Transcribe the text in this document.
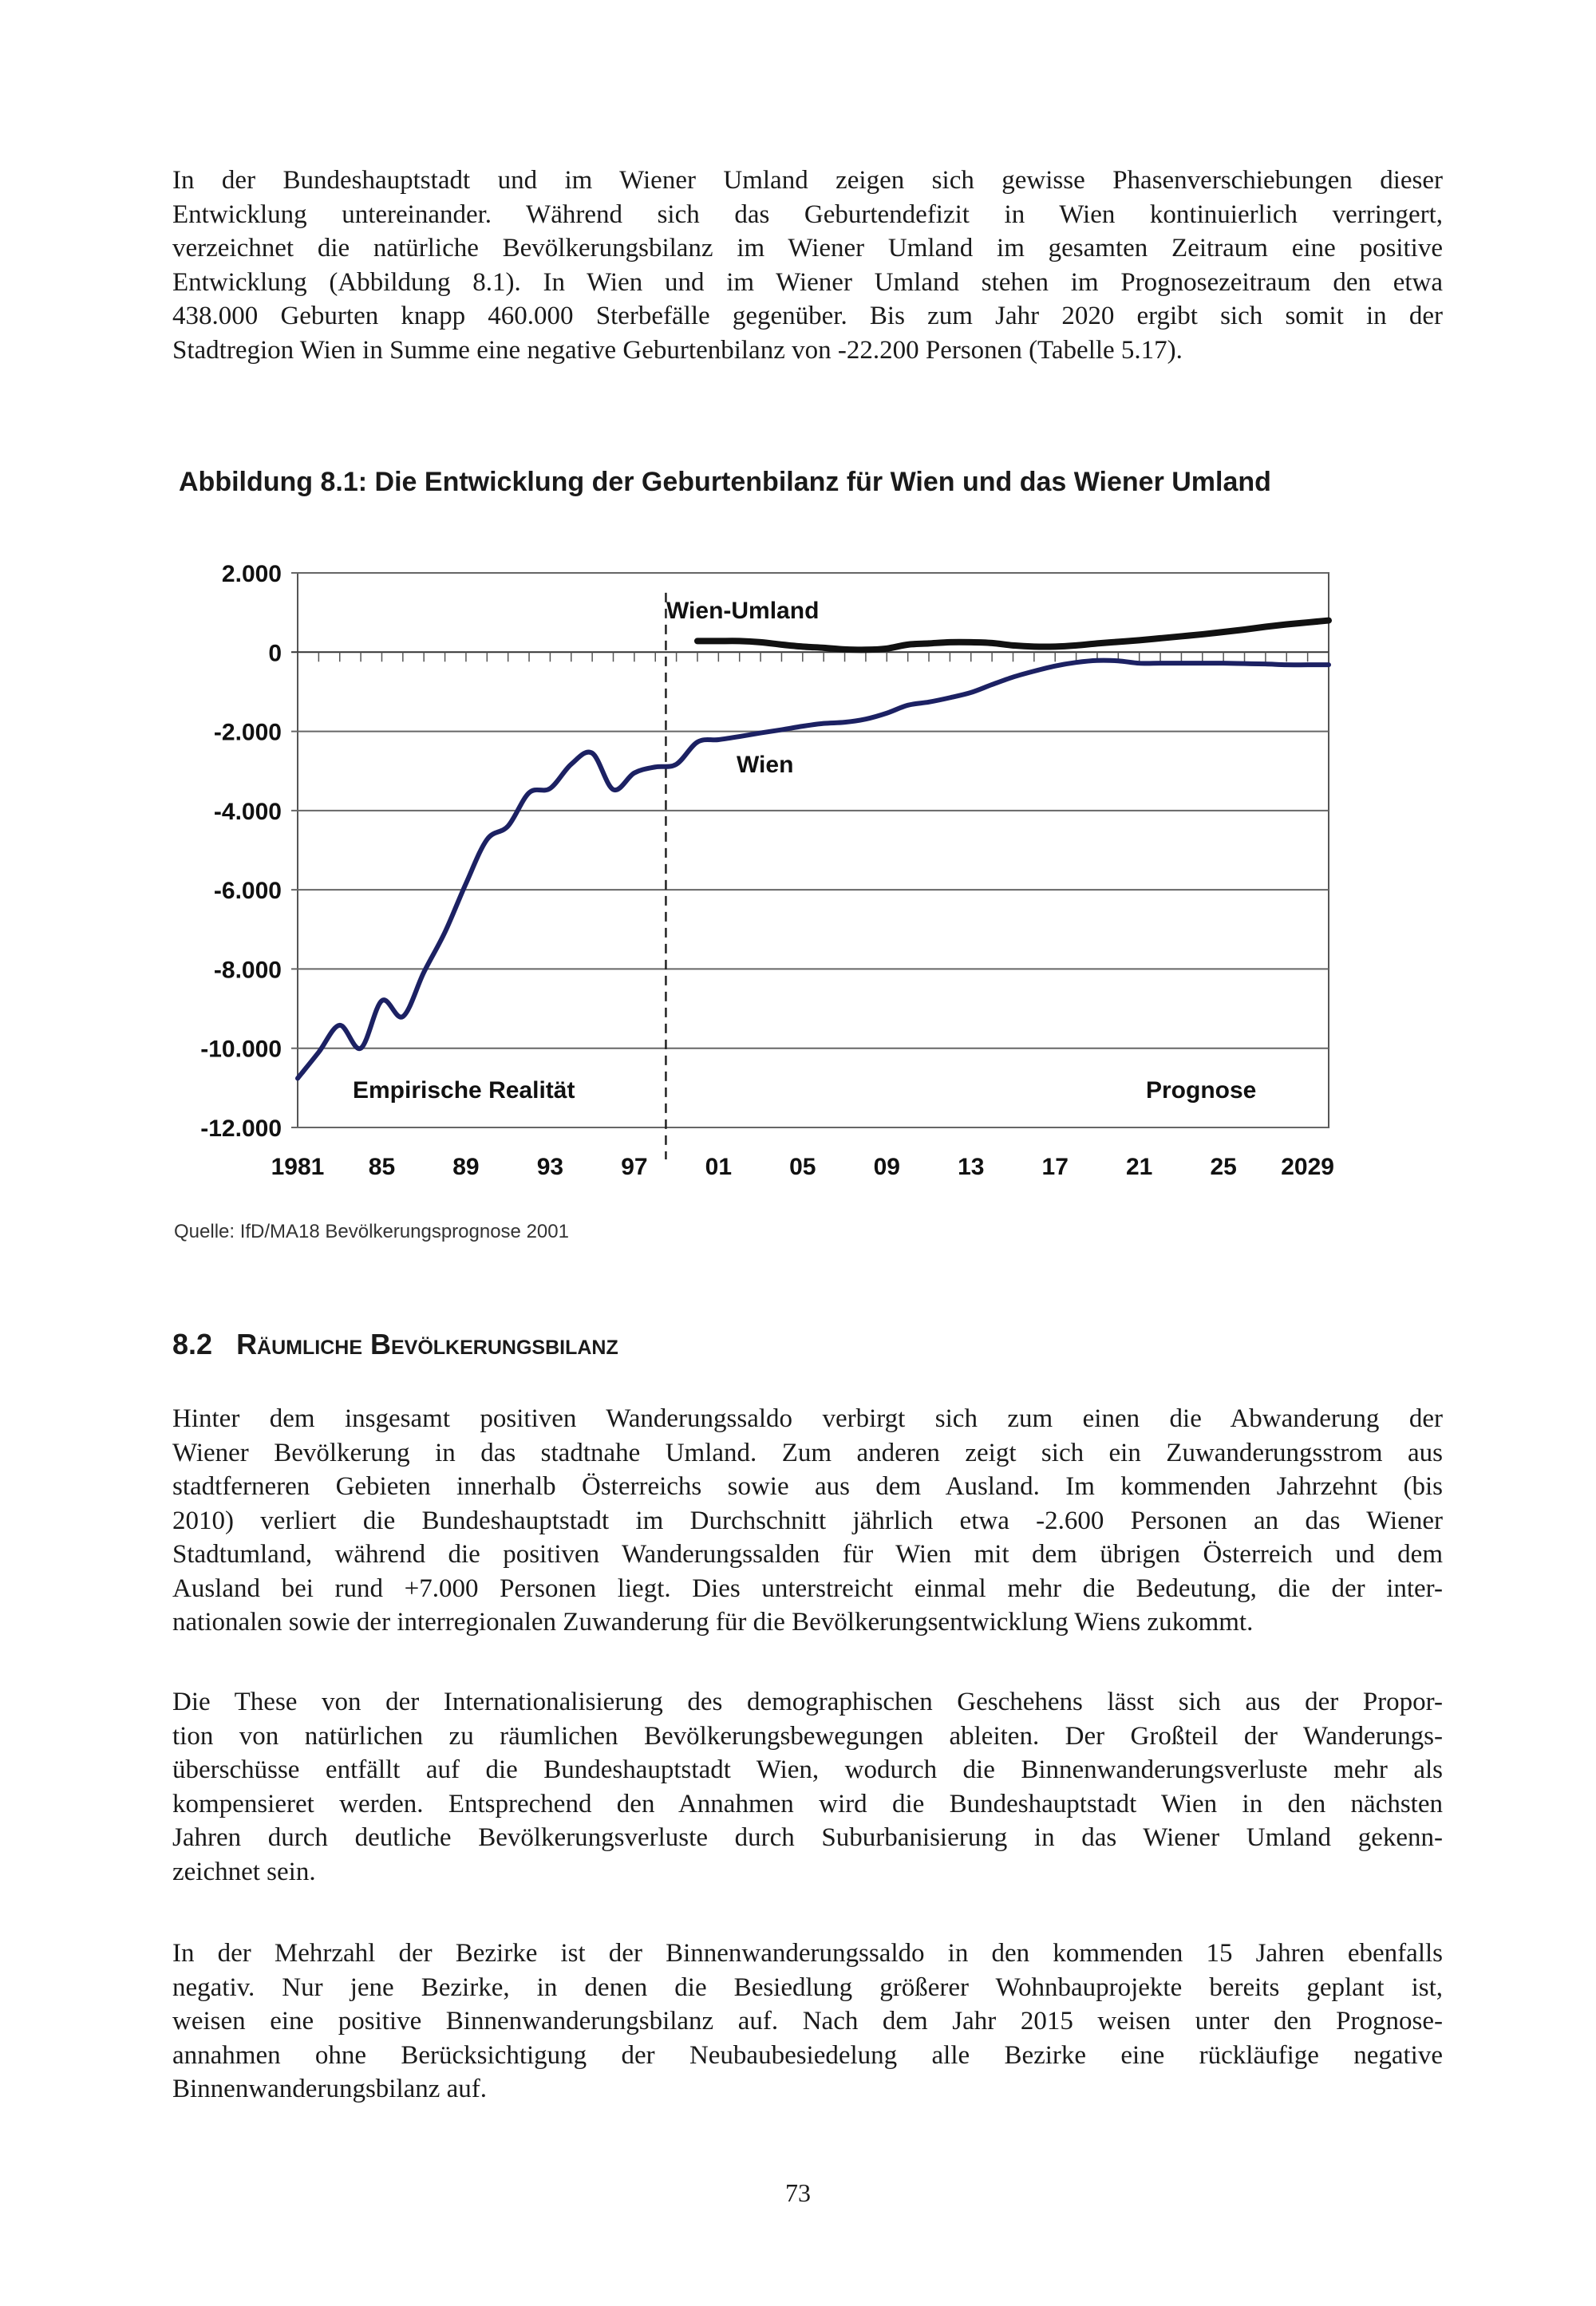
In der Bundeshauptstadt und im Wiener Umland zeigen sich gewisse Phasenverschiebungen dieser
Entwicklung untereinander. Während sich das Geburtendefizit in Wien kontinuierlich verringert,
verzeichnet die natürliche Bevölkerungsbilanz im Wiener Umland im gesamten Zeitraum eine positive
Entwicklung (Abbildung 8.1). In Wien und im Wiener Umland stehen im Prognosezeitraum den etwa
438.000 Geburten knapp 460.000 Sterbefälle gegenüber. Bis zum Jahr 2020 ergibt sich somit in der
Stadtregion Wien in Summe eine negative Geburtenbilanz von -22.200 Personen (Tabelle 5.17).
Abbildung 8.1: Die Entwicklung der Geburtenbilanz für Wien und das Wiener Umland
2.000
0
-2.000
-4.000
-6.000
-8.000
-10.000
-12.000
1981 85 89 93 97 01 05 09 13 17 21 25 2029
Wien-Umland
Wien
Empirische Realität	Prognose
Quelle: IfD/MA18 Bevölkerungsprognose 2001
8.2 Räumliche Bevölkerungsbilanz
Hinter dem insgesamt positiven Wanderungssaldo verbirgt sich zum einen die Abwanderung der
Wiener Bevölkerung in das stadtnahe Umland. Zum anderen zeigt sich ein Zuwanderungsstrom aus
stadtferneren Gebieten innerhalb Österreichs sowie aus dem Ausland. Im kommenden Jahrzehnt (bis
2010) verliert die Bundeshauptstadt im Durchschnitt jährlich etwa -2.600 Personen an das Wiener
Stadtumland, während die positiven Wanderungssalden für Wien mit dem übrigen Österreich und dem
Ausland bei rund +7.000 Personen liegt. Dies unterstreicht einmal mehr die Bedeutung, die der inter-
nationalen sowie der interregionalen Zuwanderung für die Bevölkerungsentwicklung Wiens zukommt.
Die These von der Internationalisierung des demographischen Geschehens lässt sich aus der Propor-
tion von natürlichen zu räumlichen Bevölkerungsbewegungen ableiten. Der Großteil der Wanderungs-
überschüsse entfällt auf die Bundeshauptstadt Wien, wodurch die Binnenwanderungsverluste mehr als
kompensieret werden. Entsprechend den Annahmen wird die Bundeshauptstadt Wien in den nächsten
Jahren durch deutliche Bevölkerungsverluste durch Suburbanisierung in das Wiener Umland gekenn-
zeichnet sein.
In der Mehrzahl der Bezirke ist der Binnenwanderungssaldo in den kommenden 15 Jahren ebenfalls
negativ. Nur jene Bezirke, in denen die Besiedlung größerer Wohnbauprojekte bereits geplant ist,
weisen eine positive Binnenwanderungsbilanz auf. Nach dem Jahr 2015 weisen unter den Prognose-
annahmen ohne Berücksichtigung der Neubaubesiedelung alle Bezirke eine rückläufige negative
Binnenwanderungsbilanz auf.
73
